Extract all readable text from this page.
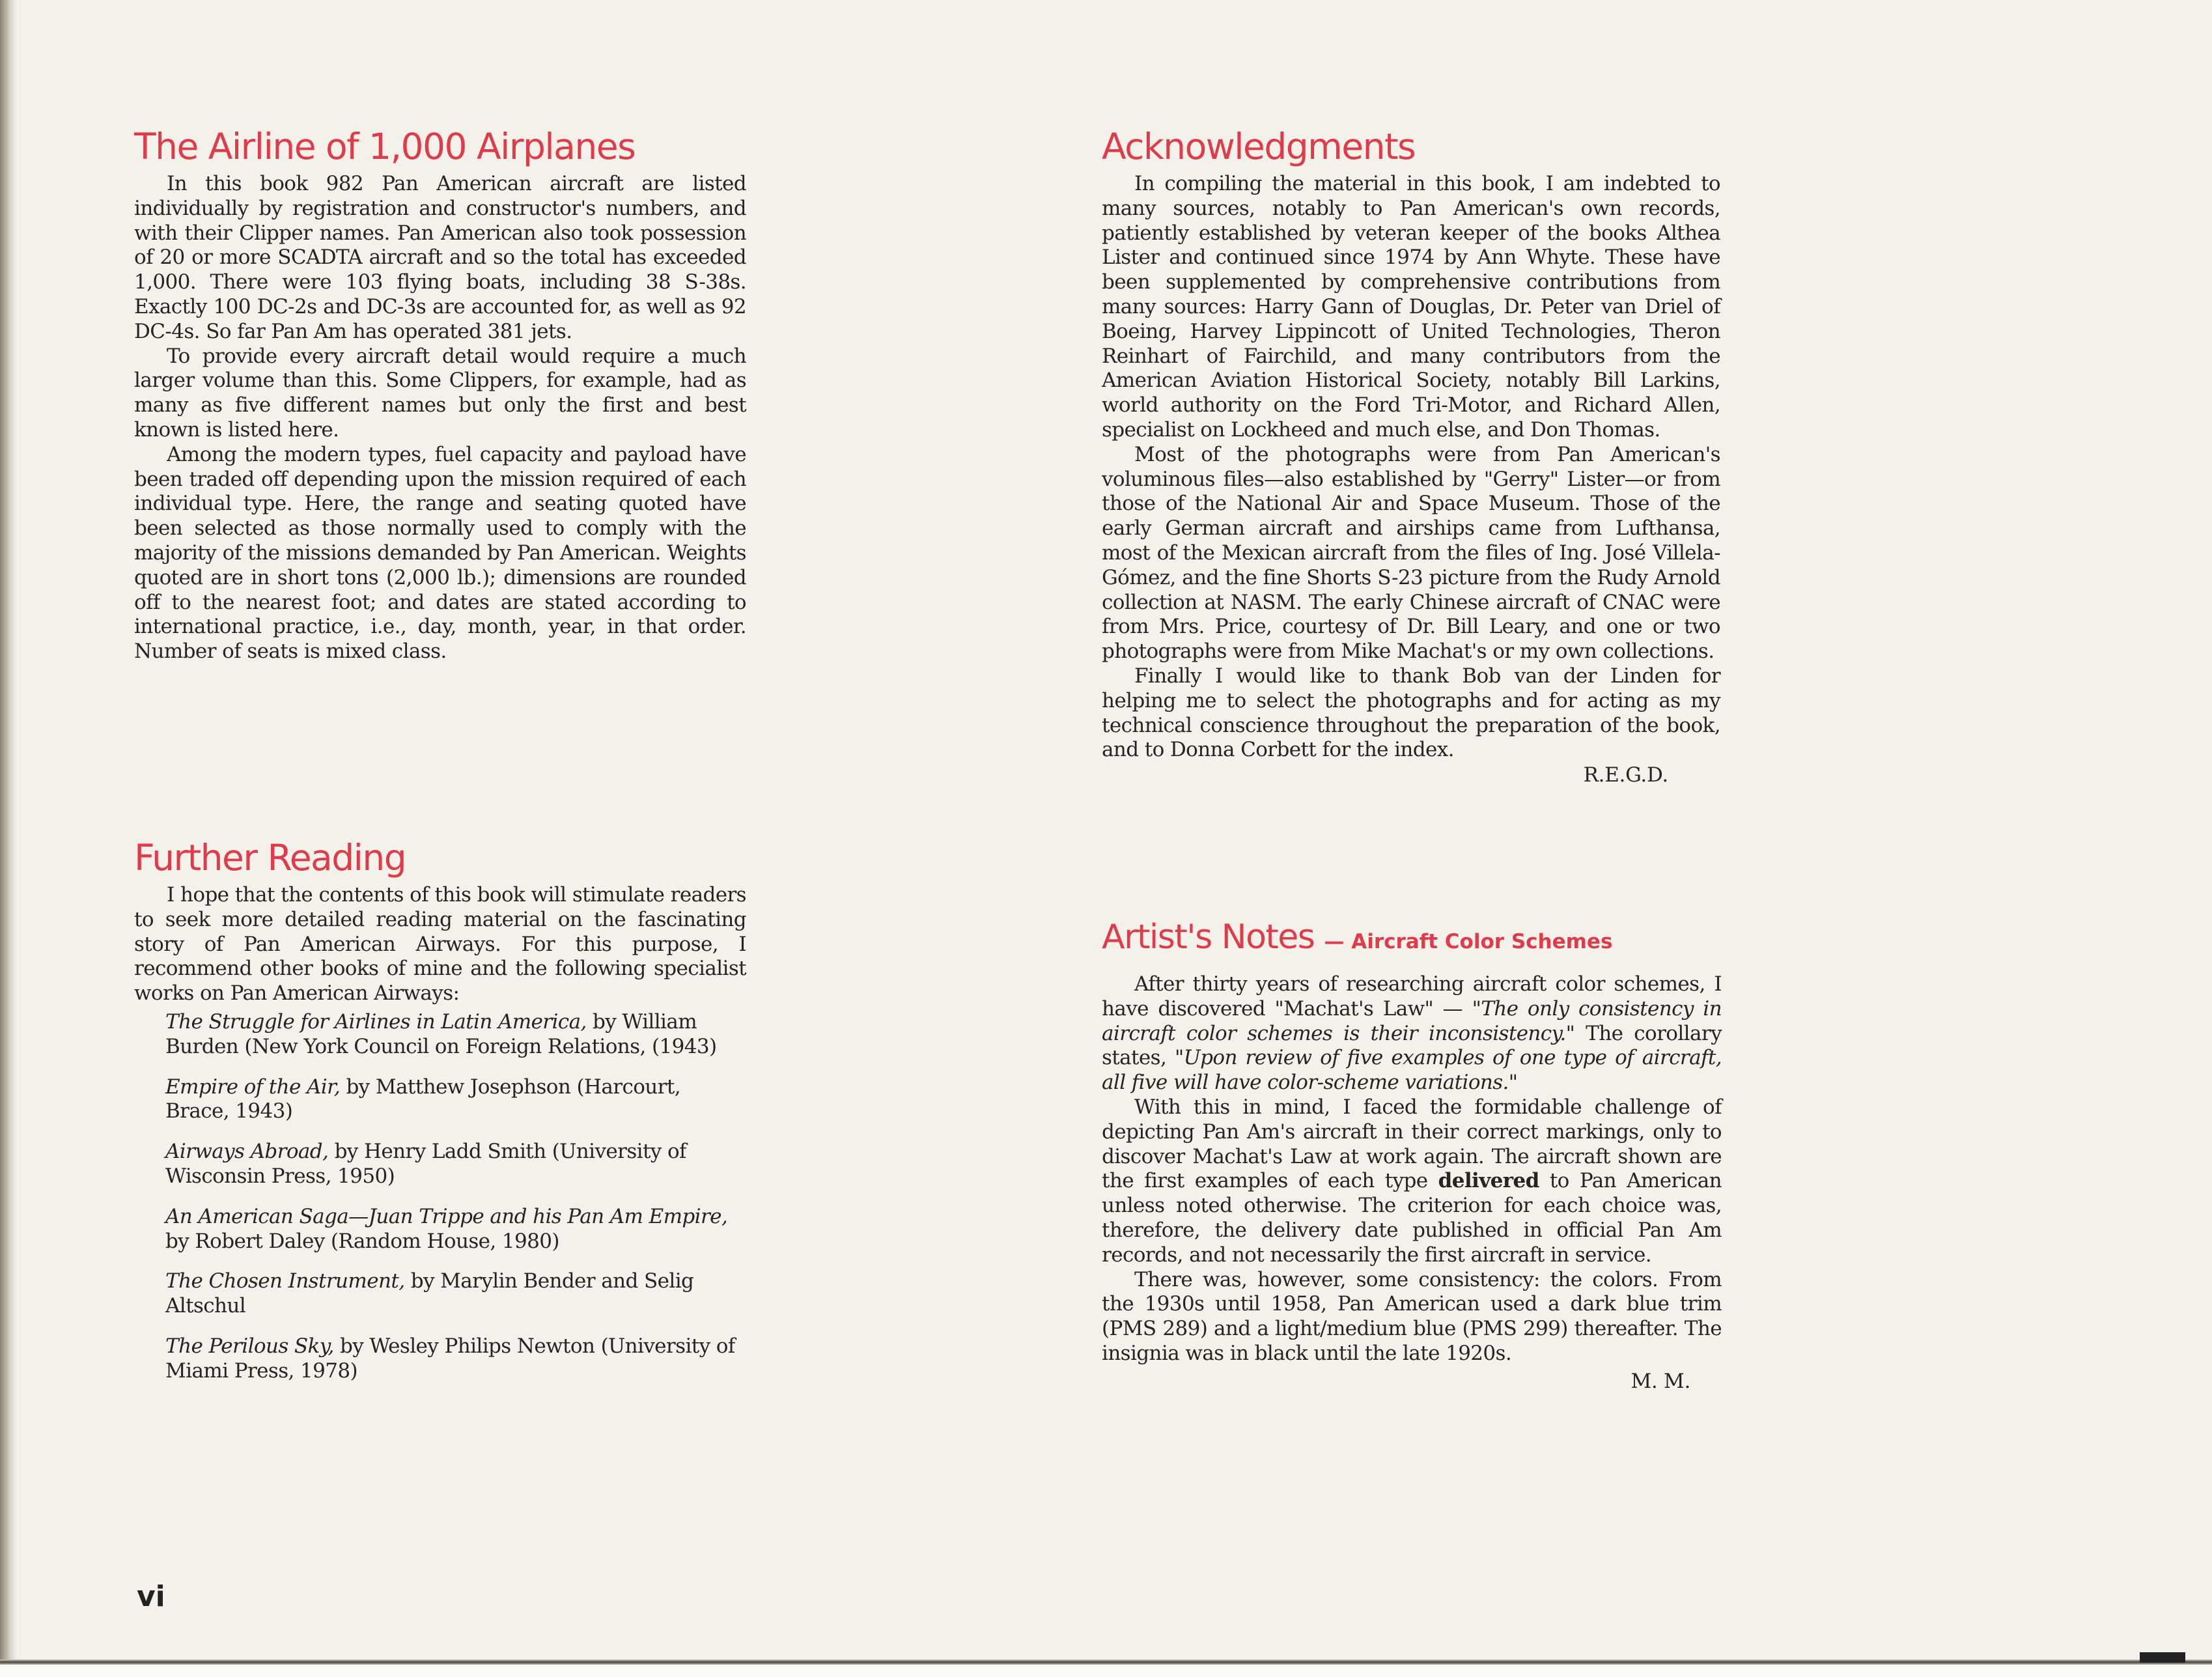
The Airline of 1,000 Airplanes

In this book 982 Pan American aircraft are listed individually by registration and constructor's numbers, and with their Clipper names. Pan American also took possession of 20 or more SCADTA aircraft and so the total has exceeded 1,000. There were 103 flying boats, including 38 S-38s. Exactly 100 DC-2s and DC-3s are accounted for, as well as 92 DC-4s. So far Pan Am has operated 381 jets.

To provide every aircraft detail would require a much larger volume than this. Some Clippers, for example, had as many as five different names but only the first and best known is listed here.

Among the modern types, fuel capacity and payload have been traded off depending upon the mission required of each individual type. Here, the range and seating quoted have been selected as those normally used to comply with the majority of the missions demanded by Pan American. Weights quoted are in short tons (2,000 lb.); dimensions are rounded off to the nearest foot; and dates are stated according to international practice, i.e., day, month, year, in that order. Number of seats is mixed class.

Further Reading

I hope that the contents of this book will stimulate readers to seek more detailed reading material on the fascinating story of Pan American Airways. For this purpose, I recommend other books of mine and the following specialist works on Pan American Airways:

The Struggle for Airlines in Latin America, by William Burden (New York Council on Foreign Relations, (1943)
Empire of the Air, by Matthew Josephson (Harcourt, Brace, 1943)
Airways Abroad, by Henry Ladd Smith (University of Wisconsin Press, 1950)
An American Saga—Juan Trippe and his Pan Am Empire, by Robert Daley (Random House, 1980)
The Chosen Instrument, by Marylin Bender and Selig Altschul
The Perilous Sky, by Wesley Philips Newton (University of Miami Press, 1978)
Acknowledgments

In compiling the material in this book, I am indebted to many sources, notably to Pan American's own records, patiently established by veteran keeper of the books Althea Lister and continued since 1974 by Ann Whyte. These have been supplemented by comprehensive contributions from many sources: Harry Gann of Douglas, Dr. Peter van Driel of Boeing, Harvey Lippincott of United Technologies, Theron Reinhart of Fairchild, and many contributors from the American Aviation Historical Society, notably Bill Larkins, world authority on the Ford Tri-Motor, and Richard Allen, specialist on Lockheed and much else, and Don Thomas.

Most of the photographs were from Pan American's voluminous files—also established by "Gerry" Lister—or from those of the National Air and Space Museum. Those of the early German aircraft and airships came from Lufthansa, most of the Mexican aircraft from the files of Ing. José Villela-Gómez, and the fine Shorts S-23 picture from the Rudy Arnold collection at NASM. The early Chinese aircraft of CNAC were from Mrs. Price, courtesy of Dr. Bill Leary, and one or two photographs were from Mike Machat's or my own collections.

Finally I would like to thank Bob van der Linden for helping me to select the photographs and for acting as my technical conscience throughout the preparation of the book, and to Donna Corbett for the index.

R.E.G.D.

Artist's Notes — Aircraft Color Schemes

After thirty years of researching aircraft color schemes, I have discovered "Machat's Law" — "The only consistency in aircraft color schemes is their inconsistency." The corollary states, "Upon review of five examples of one type of aircraft, all five will have color-scheme variations."

With this in mind, I faced the formidable challenge of depicting Pan Am's aircraft in their correct markings, only to discover Machat's Law at work again. The aircraft shown are the first examples of each type delivered to Pan American unless noted otherwise. The criterion for each choice was, therefore, the delivery date published in official Pan Am records, and not necessarily the first aircraft in service.

There was, however, some consistency: the colors. From the 1930s until 1958, Pan American used a dark blue trim (PMS 289) and a light/medium blue (PMS 299) thereafter. The insignia was in black until the late 1920s.

M. M.

vi
